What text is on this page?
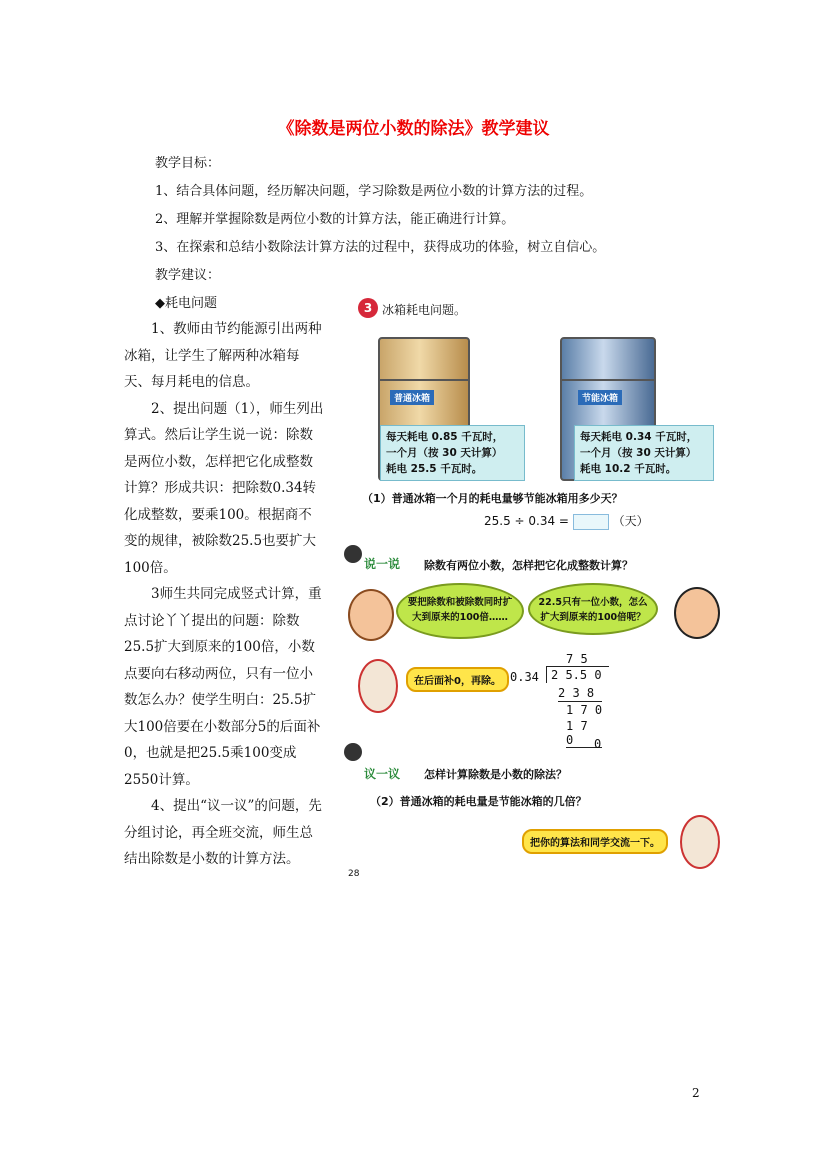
《除数是两位小数的除法》教学建议
教学目标：
1、结合具体问题，经历解决问题，学习除数是两位小数的计算方法的过程。
2、理解并掌握除数是两位小数的计算方法，能正确进行计算。
3、在探索和总结小数除法计算方法的过程中，获得成功的体验，树立自信心。
教学建议：
◆耗电问题

1、教师由节约能源引出两种冰箱，让学生了解两种冰箱每天、每月耗电的信息。

2、提出问题（1），师生列出算式。然后让学生说一说：除数是两位小数，怎样把它化成整数计算？形成共识：把除数0.34转化成整数，要乘100。根据商不变的规律，被除数25.5也要扩大100倍。

3师生共同完成竖式计算，重点讨论丫丫提出的问题：除数25.5扩大到原来的100倍，小数点要向右移动两位，只有一位小数怎么办？使学生明白：25.5扩大100倍要在小数部分5的后面补0，也就是把25.5乘100变成2550计算。

4、提出“议一议”的问题，先分组讨论，再全班交流，师生总结出除数是小数的计算方法。

3 冰箱耗电问题。
普通冰箱
每天耗电 0.85 千瓦时，
一个月（按 30 天计算）
耗电 25.5 千瓦时。
节能冰箱
每天耗电 0.34 千瓦时，
一个月（按 30 天计算）
耗电 10.2 千瓦时。
（1）普通冰箱一个月的耗电量够节能冰箱用多少天？
25.5 ÷ 0.34 =	（天）
说一说 除数有两位小数，怎样把它化成整数计算？
要把除数和被除数同时扩大到原来的100倍……
22.5只有一位小数，怎么扩大到原来的100倍呢？
在后面补0，再除。
7 5
0.34	2 5.5 0
2 3 8
1 7 0
1 7 0	0
议一议 怎样计算除数是小数的除法？
（2）普通冰箱的耗电量是节能冰箱的几倍？
把你的算法和同学交流一下。
28
2
